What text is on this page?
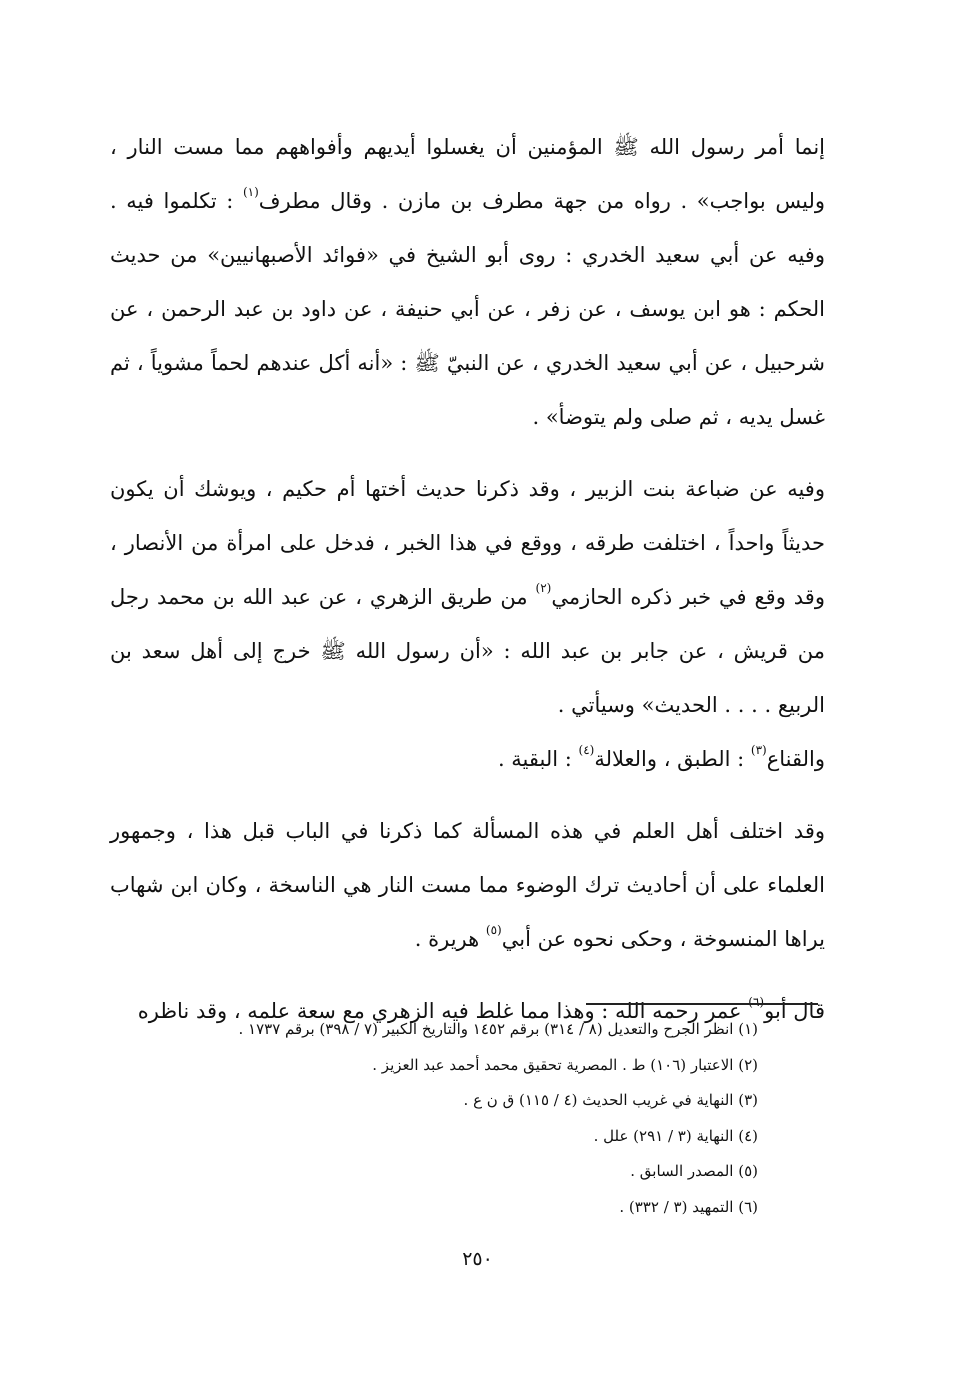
إنما أمر رسول الله ﷺ المؤمنين أن يغسلوا أيديهم وأفواههم مما مست النار ، وليس بواجب» . رواه من جهة مطرف بن مازن . وقال مطرف$^{(١)}$ : تكلموا فيه . وفيه عن أبي سعيد الخدري : روى أبو الشيخ في «فوائد الأصبهانيين» من حديث الحكم : هو ابن يوسف ، عن زفر ، عن أبي حنيفة ، عن داود بن عبد الرحمن ، عن شرحبيل ، عن أبي سعيد الخدري ، عن النبيّ ﷺ : «أنه أكل عندهم لحماً مشوياً ، ثم غسل يديه ، ثم صلى ولم يتوضأ» .

وفيه عن ضباعة بنت الزبير ، وقد ذكرنا حديث أختها أم حكيم ، ويوشك أن يكون حديثاً واحداً ، اختلفت طرقه ، ووقع في هذا الخبر ، فدخل على امرأة من الأنصار ، وقد وقع في خبر ذكره الحازمي$^{(٢)}$ من طريق الزهري ، عن عبد الله بن محمد رجل من قريش ، عن جابر بن عبد الله : «أن رسول الله ﷺ خرج إلى أهل سعد بن الربيع . . . . الحديث» وسيأتي .

والقناع$^{(٣)}$ : الطبق ، والعلالة$^{(٤)}$ : البقية .

وقد اختلف أهل العلم في هذه المسألة كما ذكرنا في الباب قبل هذا ، وجمهور العلماء على أن أحاديث ترك الوضوء مما مست النار هي الناسخة ، وكان ابن شهاب يراها المنسوخة ، وحكى نحوه عن أبي$^{(٥)}$ هريرة .

قال أبو$^{(٦)}$ عمر رحمه الله : وهذا مما غلط فيه الزهري مع سعة علمه ، وقد ناظره

(١) انظر الجرح والتعديل (٨ / ٣١٤) برقم ١٤٥٢ والتاريخ الكبير (٧ / ٣٩٨) برقم ١٧٣٧ .
(٢) الاعتبار (١٠٦) ط . المصرية تحقيق محمد أحمد عبد العزيز .
(٣) النهاية في غريب الحديث (٤ / ١١٥) ق ن ع .
(٤) النهاية (٣ / ٢٩١) علل .
(٥) المصدر السابق .
(٦) التمهيد (٣ / ٣٣٢) .
٢٥٠
